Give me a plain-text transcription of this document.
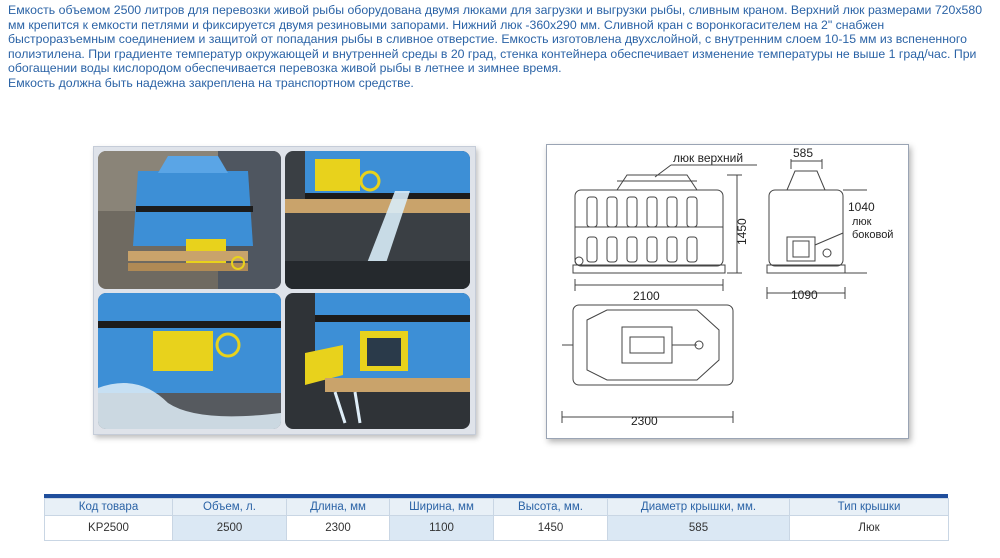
Емкость объемом 2500 литров для перевозки живой рыбы оборудована двумя люками для загрузки и выгрузки рыбы, сливным краном. Верхний люк размерами 720х580 мм крепится к емкости петлями и фиксируется двумя резиновыми запорами. Нижний люк -360х290 мм. Сливной кран с воронкогасителем на 2" снабжен быстроразъемным соединением и защитой от попадания рыбы в сливное отверстие. Емкость изготовлена двухслойной, с внутренним слоем 10-15 мм из вспененного полиэтилена. При градиенте температур окружающей и внутренней среды в 20 град, стенка контейнера обеспечивает изменение температуры не выше 1 град/час. При обогащении воды кислородом обеспечивается перевозка живой рыбы в летнее и зимнее время.

Емкость должна быть надежна закреплена на транспортном средстве.

люк верхний	585
1450
1040
люк
боковой
2100	1090
2300
Код товара	Объем, л.	Длина, мм	Ширина, мм	Высота, мм.	Диаметр крышки, мм.	Тип крышки
KP2500	2500	2300	1100	1450	585	Люк
